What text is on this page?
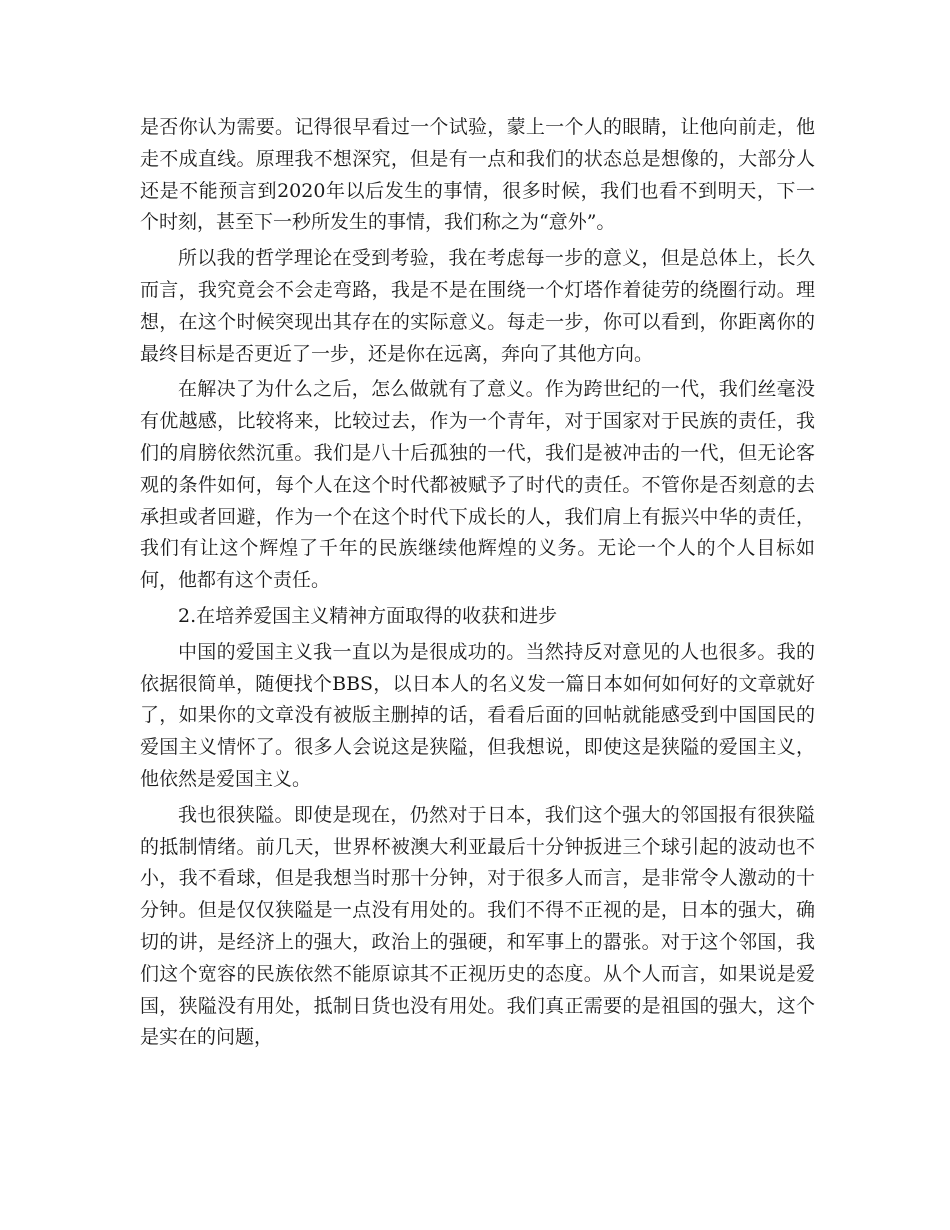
是否你认为需要。记得很早看过一个试验，蒙上一个人的眼睛，让他向前走，他走不成直线。原理我不想深究，但是有一点和我们的状态总是想像的，大部分人还是不能预言到2020年以后发生的事情，很多时候，我们也看不到明天，下一个时刻，甚至下一秒所发生的事情，我们称之为“意外”。

所以我的哲学理论在受到考验，我在考虑每一步的意义，但是总体上，长久而言，我究竟会不会走弯路，我是不是在围绕一个灯塔作着徒劳的绕圈行动。理想，在这个时候突现出其存在的实际意义。每走一步，你可以看到，你距离你的最终目标是否更近了一步，还是你在远离，奔向了其他方向。

在解决了为什么之后，怎么做就有了意义。作为跨世纪的一代，我们丝毫没有优越感，比较将来，比较过去，作为一个青年，对于国家对于民族的责任，我们的肩膀依然沉重。我们是八十后孤独的一代，我们是被冲击的一代，但无论客观的条件如何，每个人在这个时代都被赋予了时代的责任。不管你是否刻意的去承担或者回避，作为一个在这个时代下成长的人，我们肩上有振兴中华的责任，我们有让这个辉煌了千年的民族继续他辉煌的义务。无论一个人的个人目标如何，他都有这个责任。

2.在培养爱国主义精神方面取得的收获和进步

中国的爱国主义我一直以为是很成功的。当然持反对意见的人也很多。我的依据很简单，随便找个BBS，以日本人的名义发一篇日本如何如何好的文章就好了，如果你的文章没有被版主删掉的话，看看后面的回帖就能感受到中国国民的爱国主义情怀了。很多人会说这是狭隘，但我想说，即使这是狭隘的爱国主义，他依然是爱国主义。

我也很狭隘。即使是现在，仍然对于日本，我们这个强大的邻国报有很狭隘的抵制情绪。前几天，世界杯被澳大利亚最后十分钟扳进三个球引起的波动也不小，我不看球，但是我想当时那十分钟，对于很多人而言，是非常令人激动的十分钟。但是仅仅狭隘是一点没有用处的。我们不得不正视的是，日本的强大，确切的讲，是经济上的强大，政治上的强硬，和军事上的嚣张。对于这个邻国，我们这个宽容的民族依然不能原谅其不正视历史的态度。从个人而言，如果说是爱国，狭隘没有用处，抵制日货也没有用处。我们真正需要的是祖国的强大，这个是实在的问题，
